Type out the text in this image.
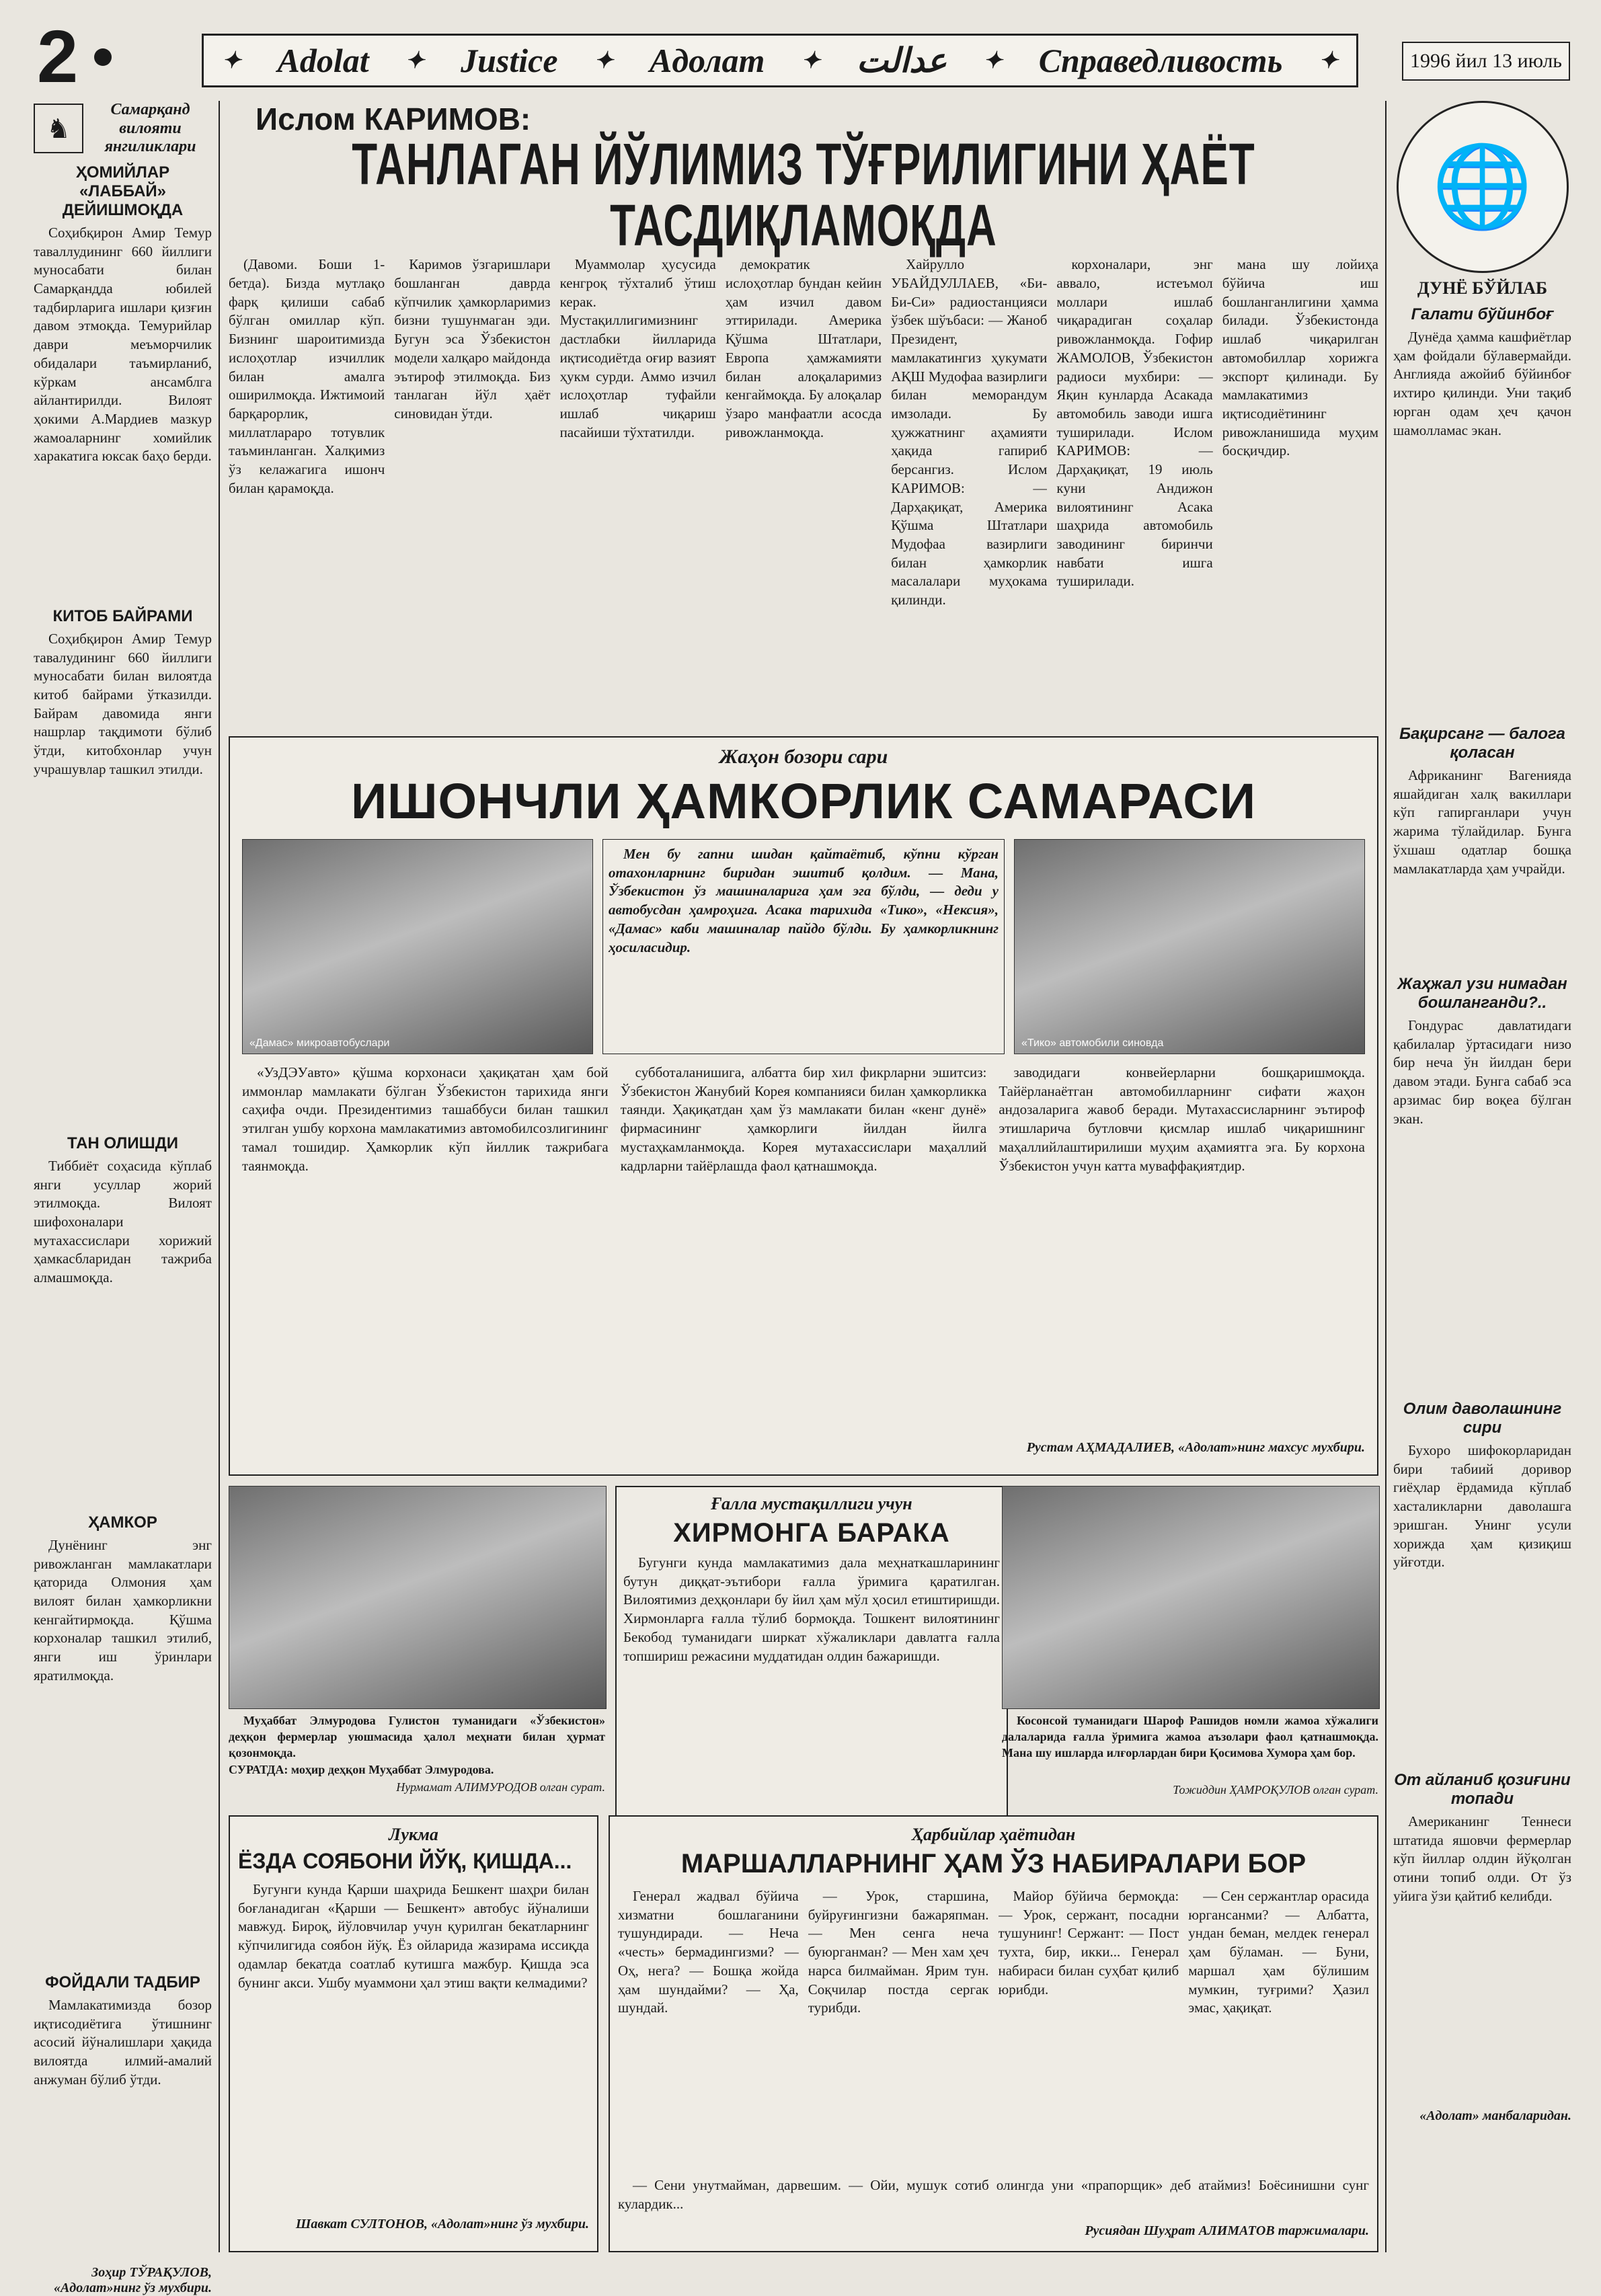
2	✦ Adolat ✦ Justice ✦ Адолат ✦ عدالت ✦ Справедливость ✦	1996 йил 13 июль
♞
Самарқанд вилояти янгиликлари
ҲОМИЙЛАР «ЛАББАЙ» ДЕЙИШМОҚДА

Соҳибқирон Амир Темур таваллудининг 660 йиллиги муносабати билан Самарқандда юбилей тадбирларига ишлари қизғин давом этмоқда. Темурийлар даври меъморчилик обидалари таъмирланиб, кўркам ансамблга айлантирилди. Вилоят ҳокими А.Мардиев мазкур жамоаларнинг хомийлик харакатига юксак баҳо берди.

КИТОБ БАЙРАМИ

Соҳибқирон Амир Темур тавалудининг 660 йиллиги муносабати билан вилоятда китоб байрами ўтказилди. Байрам давомида янги нашрлар тақдимоти бўлиб ўтди, китобхонлар учун учрашувлар ташкил этилди.

ТАН ОЛИШДИ

Тиббиёт соҳасида кўплаб янги усуллар жорий этилмоқда. Вилоят шифохоналари мутахассислари хорижий ҳамкасбларидан тажриба алмашмоқда.

ҲАМКОР

Дунёнинг энг ривожланган мамлакатлари қаторида Олмония ҳам вилоят билан ҳамкорликни кенгайтирмоқда. Қўшма корхоналар ташкил этилиб, янги иш ўринлари яратилмоқда.

ФОЙДАЛИ ТАДБИР

Мамлакатимизда бозор иқтисодиётига ўтишнинг асосий йўналишлари ҳақида вилоятда илмий-амалий анжуман бўлиб ўтди.

Зоҳир ТЎРАҚУЛОВ, «Адолат»нинг ўз мухбири.
Ислом КАРИМОВ:
ТАНЛАГАН ЙЎЛИМИЗ ТЎҒРИЛИГИНИ ҲАЁТ ТАСДИҚЛАМОҚДА

(Давоми. Боши 1-бетда). Бизда мутлақо фарқ қилиши сабаб бўлган омиллар кўп. Бизнинг шароитимизда ислоҳотлар изчиллик билан амалга оширилмоқда. Ижтимоий барқарорлик, миллатлараро тотувлик таъминланган. Халқимиз ўз келажагига ишонч билан қарамоқда.

Каримов ўзгаришлари бошланган даврда кўпчилик ҳамкорларимиз бизни тушунмаган эди. Бугун эса Ўзбекистон модели халқаро майдонда эътироф этилмоқда. Биз танлаган йўл ҳаёт синовидан ўтди.

Муаммолар ҳусусида кенгроқ тўхталиб ўтиш керак. Мустақиллигимизнинг дастлабки йилларида иқтисодиётда оғир вазият ҳукм сурди. Аммо изчил ислоҳотлар туфайли ишлаб чиқариш пасайиши тўхтатилди.

демократик ислоҳотлар бундан кейин ҳам изчил давом эттирилади. Америка Қўшма Штатлари, Европа ҳамжамияти билан алоқаларимиз кенгаймоқда. Бу алоқалар ўзаро манфаатли асосда ривожланмоқда.

Хайрулло УБАЙДУЛЛАЕВ, «Би-Би-Си» радиостанцияси ўзбек шўъбаси: — Жаноб Президент, мамлакатингиз ҳукумати АҚШ Мудофаа вазирлиги билан меморандум имзолади. Бу ҳужжатнинг аҳамияти ҳақида гапириб берсангиз. Ислом КАРИМОВ: — Дарҳақиқат, Америка Қўшма Штатлари Мудофаа вазирлиги билан ҳамкорлик масалалари муҳокама қилинди.

корхоналари, энг аввало, истеъмол моллари ишлаб чиқарадиган соҳалар ривожланмоқда. Гофир ЖАМОЛОВ, Ўзбекистон радиоси мухбири: — Яқин кунларда Асакада автомобиль заводи ишга туширилади. Ислом КАРИМОВ: — Дарҳақиқат, 19 июль куни Андижон вилоятининг Асака шаҳрида автомобиль заводининг биринчи навбати ишга туширилади.

мана шу лойиҳа бўйича иш бошланганлигини ҳамма билади. Ўзбекистонда ишлаб чиқарилган автомобиллар хорижга экспорт қилинади. Бу мамлакатимиз иқтисодиётининг ривожланишида муҳим босқичдир.

🌐
ДУНЁ БЎЙЛАБ
Галати бўйинбоғ

Дунёда ҳамма кашфиётлар ҳам фойдали бўлавермайди. Англияда ажойиб бўйинбоғ ихтиро қилинди. Уни тақиб юрган одам ҳеч қачон шамолламас экан.

Бақирсанг — балога қоласан

Африканинг Вагенияда яшайдиган халқ вакиллари кўп гапирганлари учун жарима тўлайдилар. Бунга ўхшаш одатлар бошқа мамлакатларда ҳам учрайди.

Жаҳжал узи нимадан бошланганди?..

Гондурас давлатидаги қабилалар ўртасидаги низо бир неча ўн йилдан бери давом этади. Бунга сабаб эса арзимас бир воқеа бўлган экан.

Олим даволашнинг сири

Бухоро шифокорларидан бири табиий доривор гиёҳлар ёрдамида кўплаб хасталикларни даволашга эришган. Унинг усули хорижда ҳам қизиқиш уйғотди.

От айланиб қозиғини топади

Американинг Теннеси штатида яшовчи фермерлар кўп йиллар олдин йўқолган отини топиб олди. От ўз уйига ўзи қайтиб келибди.

«Адолат» манбаларидан.
Жаҳон бозори сари
ИШОНЧЛИ ҲАМКОРЛИК САМАРАСИ
«Дамас» микроавтобуслари

Мен бу гапни шидан қайтаётиб, кўпни кўрган отахонларнинг биридан эшитиб қолдим. — Мана, Ўзбекистон ўз машиналарига ҳам эга бўлди, — деди у автобусдан ҳамроҳига. Асака тарихида «Тико», «Нексия», «Дамас» каби машиналар пайдо бўлди. Бу ҳамкорликнинг ҳосиласидир.

«Тико» автомобили синовда

«УзДЭУавто» қўшма корхонаси ҳақиқатан ҳам бой иммонлар мамлакати бўлган Ўзбекистон тарихида янги саҳифа очди. Президентимиз ташаббуси билан ташкил этилган ушбу корхона мамлакатимиз автомобилсозлигининг тамал тошидир. Ҳамкорлик кўп йиллик тажрибага таянмоқда.

субботаланишига, албатта бир хил фикрларни эшитсиз: Ўзбекистон Жанубий Корея компанияси билан ҳамкорликка таянди. Ҳақиқатдан ҳам ўз мамлакати билан «кенг дунё» фирмасининг ҳамкорлиги йилдан йилга мустаҳкамланмоқда. Корея мутахассислари маҳаллий кадрларни тайёрлашда фаол қатнашмоқда.

заводидаги конвейерларни бошқаришмоқда. Тайёрланаётган автомобилларнинг сифати жаҳон андозаларига жавоб беради. Мутахассисларнинг эътироф этишларича бутловчи қисмлар ишлаб чиқаришнинг маҳаллийлаштирилиши муҳим аҳамиятга эга. Бу корхона Ўзбекистон учун катта муваффақиятдир.

Рустам АҲМАДАЛИЕВ, «Адолат»нинг махсус мухбири.

Муҳаббат Элмуродова Гулистон туманидаги «Ўзбекистон» деҳқон фермерлар уюшмасида ҳалол меҳнати билан ҳурмат қозонмоқда.

СУРАТДА: моҳир деҳқон Муҳаббат Элмуродова.
Нурмамат АЛИМУРОДОВ олган сурат.
Ғалла мустақиллиги учун
ХИРМОНГА БАРАКА

Бугунги кунда мамлакатимиз дала меҳнаткашларининг бутун диққат-эътибори ғалла ўримига қаратилган. Вилоятимиз деҳқонлари бу йил ҳам мўл ҳосил етиштиришди. Хирмонларга ғалла тўлиб бормоқда. Тошкент вилоятининг Бекобод туманидаги ширкат хўжаликлари давлатга ғалла топшириш режасини муддатидан олдин бажаришди.

Косонсой туманидаги Шароф Рашидов номли жамоа хўжалиги далаларида ғалла ўримига жамоа аъзолари фаол қатнашмоқда. Мана шу ишларда илғорлардан бири Қосимова Хумора ҳам бор.

Тожиддин ҲАМРОҚУЛОВ олган сурат.
Лукма
ЁЗДА СОЯБОНИ ЙЎҚ, ҚИШДА...

Бугунги кунда Қарши шаҳрида Бешкент шаҳри билан боғланадиган «Қарши — Бешкент» автобус йўналиши мавжуд. Бироқ, йўловчилар учун қурилган бекатларнинг кўпчилигида соябон йўқ. Ёз ойларида жазирама иссиқда одамлар бекатда соатлаб кутишга мажбур. Қишда эса бунинг акси. Ушбу муаммони ҳал этиш вақти келмадими?

Шавкат СУЛТОНОВ, «Адолат»нинг ўз мухбири.
Ҳарбийлар ҳаётидан
МАРШАЛЛАРНИНГ ҲАМ ЎЗ НАБИРАЛАРИ БОР

Генерал жадвал бўйича хизматни бошлаганини тушундиради. — Неча «честь» бермадингизми? — Оҳ, нега? — Бошқа жойда ҳам шундайми? — Ҳа, шундай.

— Урок, старшина, буйруғингизни бажаряпман. — Мен сенга неча буюрганман? — Мен хам ҳеч нарса билмайман. Ярим тун. Соқчилар постда сергак турибди.

Майор бўйича бермоқда: — Урок, сержант, посадни тушунинг! Сержант: — Пост тухта, бир, икки... Генерал набираси билан суҳбат қилиб юрибди.

— Сен сержантлар орасида юргансанми? — Албатта, ундан беман, мелдек генерал ҳам бўламан. — Буни, маршал ҳам бўлишим мумкин, туғрими? Ҳазил эмас, ҳақиқат.

— Сени унутмайман, дарвешим. — Ойи, мушук сотиб олингда уни «прапорщик» деб атаймиз! Боёсинишни сунг кулардик...

Русиядан Шуҳрат АЛИМАТОВ таржималари.
